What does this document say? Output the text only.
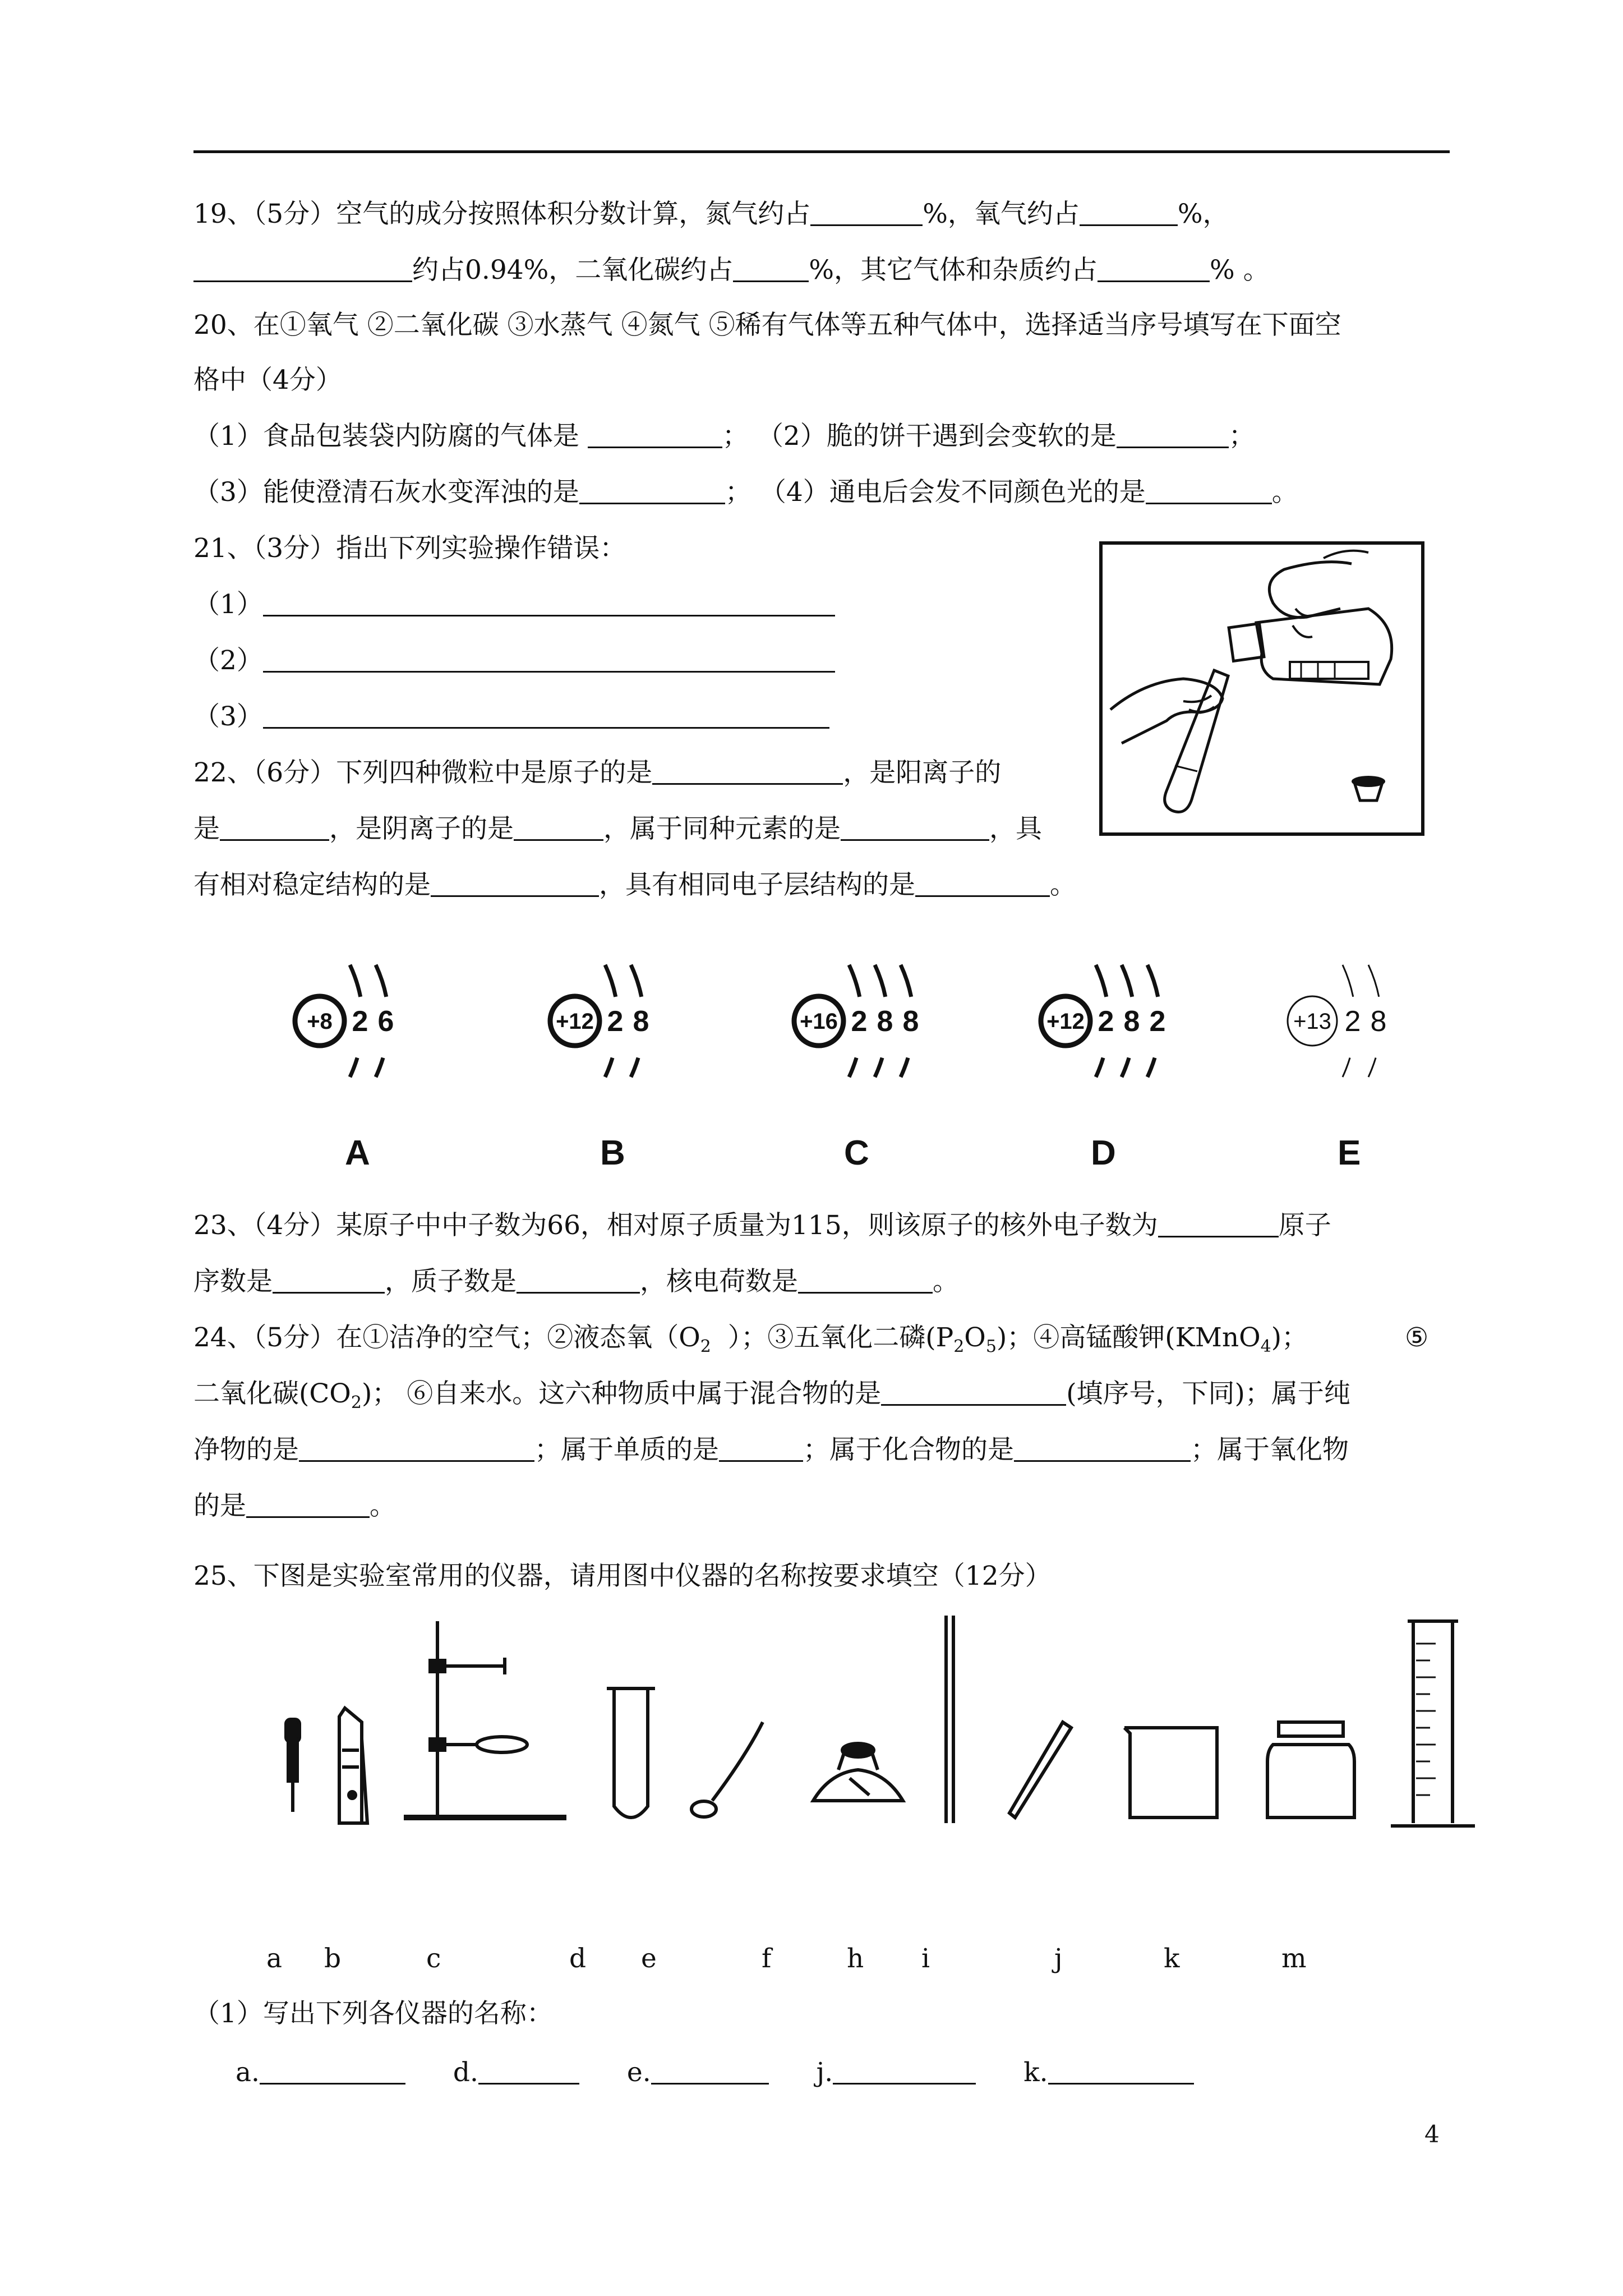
19、（5分）空气的成分按照体积分数计算，氮气约占	%，氧气约占	%，
约占0.94%，二氧化碳约占	%，其它气体和杂质约占	% 。
20、在①氧气 ②二氧化碳 ③水蒸气 ④氮气 ⑤稀有气体等五种气体中，选择适当序号填写在下面空
格中（4分）
（1）食品包装袋内防腐的气体是	； （2）脆的饼干遇到会变软的是	；
（3）能使澄清石灰水变浑浊的是	； （4）通电后会发不同颜色光的是	。
21、（3分）指出下列实验操作错误：
（1）
（2）
（3）
22、（6分）下列四种微粒中是原子的是	，是阳离子的
是	，是阴离子的是	，属于同种元素的是	，具
有相对稳定结构的是	，具有相同电子层结构的是	。
+8 2 6
A
+12 2 8
B
+16 2 8 8
C
+12 2 8 2
D
+13 2 8
E
23、（4分）某原子中中子数为66，相对原子质量为115，则该原子的核外电子数为	原子
序数是	，质子数是	，核电荷数是	。
24、（5分）在①洁净的空气；②液态氧（$O_2$ ）；③五氧化二磷$(P_2O_5)$；④高锰酸钾(KMnO$_4$)；	⑤
二氧化碳$(CO_2)$； ⑥自来水。这六种物质中属于混合物的是	(填序号，下同)；属于纯
净物的是	；属于单质的是	；属于化合物的是	；属于氧化物
的是	。
25、下图是实验室常用的仪器，请用图中仪器的名称按要求填空（12分）
a b	c	d e	f	h i	j	k	m
（1）写出下列各仪器的名称：
a.	d.	e.	j.	k.
4
